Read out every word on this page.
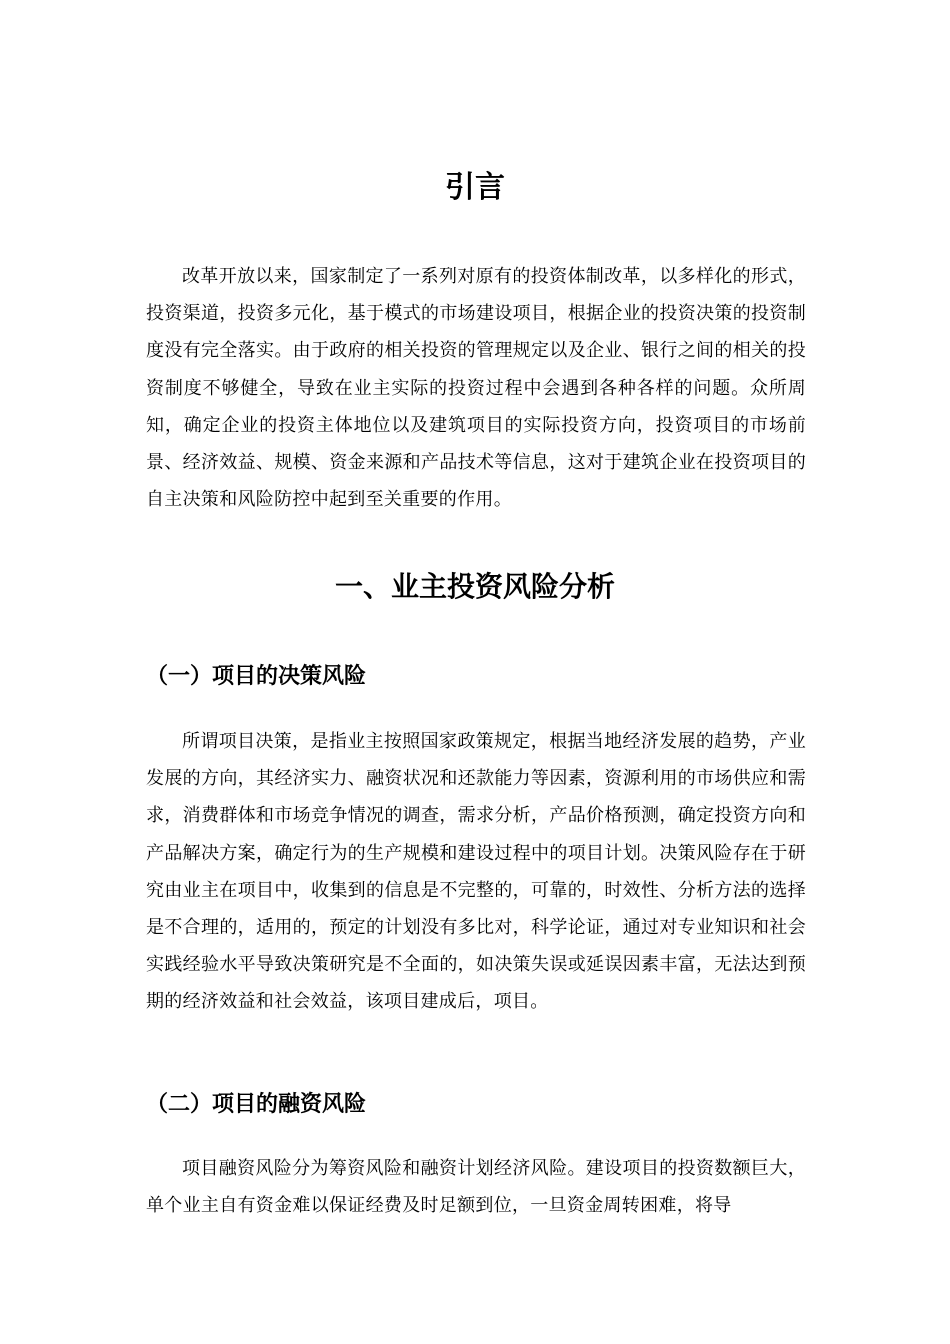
引言

改革开放以来，国家制定了一系列对原有的投资体制改革，以多样化的形式，投资渠道，投资多元化，基于模式的市场建设项目，根据企业的投资决策的投资制度没有完全落实。由于政府的相关投资的管理规定以及企业、银行之间的相关的投资制度不够健全，导致在业主实际的投资过程中会遇到各种各样的问题。众所周知，确定企业的投资主体地位以及建筑项目的实际投资方向，投资项目的市场前景、经济效益、规模、资金来源和产品技术等信息，这对于建筑企业在投资项目的自主决策和风险防控中起到至关重要的作用。

一、业主投资风险分析
（一）项目的决策风险

所谓项目决策，是指业主按照国家政策规定，根据当地经济发展的趋势，产业发展的方向，其经济实力、融资状况和还款能力等因素，资源利用的市场供应和需求，消费群体和市场竞争情况的调查，需求分析，产品价格预测，确定投资方向和产品解决方案，确定行为的生产规模和建设过程中的项目计划。决策风险存在于研究由业主在项目中，收集到的信息是不完整的，可靠的，时效性、分析方法的选择是不合理的，适用的，预定的计划没有多比对，科学论证，通过对专业知识和社会实践经验水平导致决策研究是不全面的，如决策失误或延误因素丰富，无法达到预期的经济效益和社会效益，该项目建成后，项目。

（二）项目的融资风险

项目融资风险分为筹资风险和融资计划经济风险。建设项目的投资数额巨大，单个业主自有资金难以保证经费及时足额到位，一旦资金周转困难，将导
